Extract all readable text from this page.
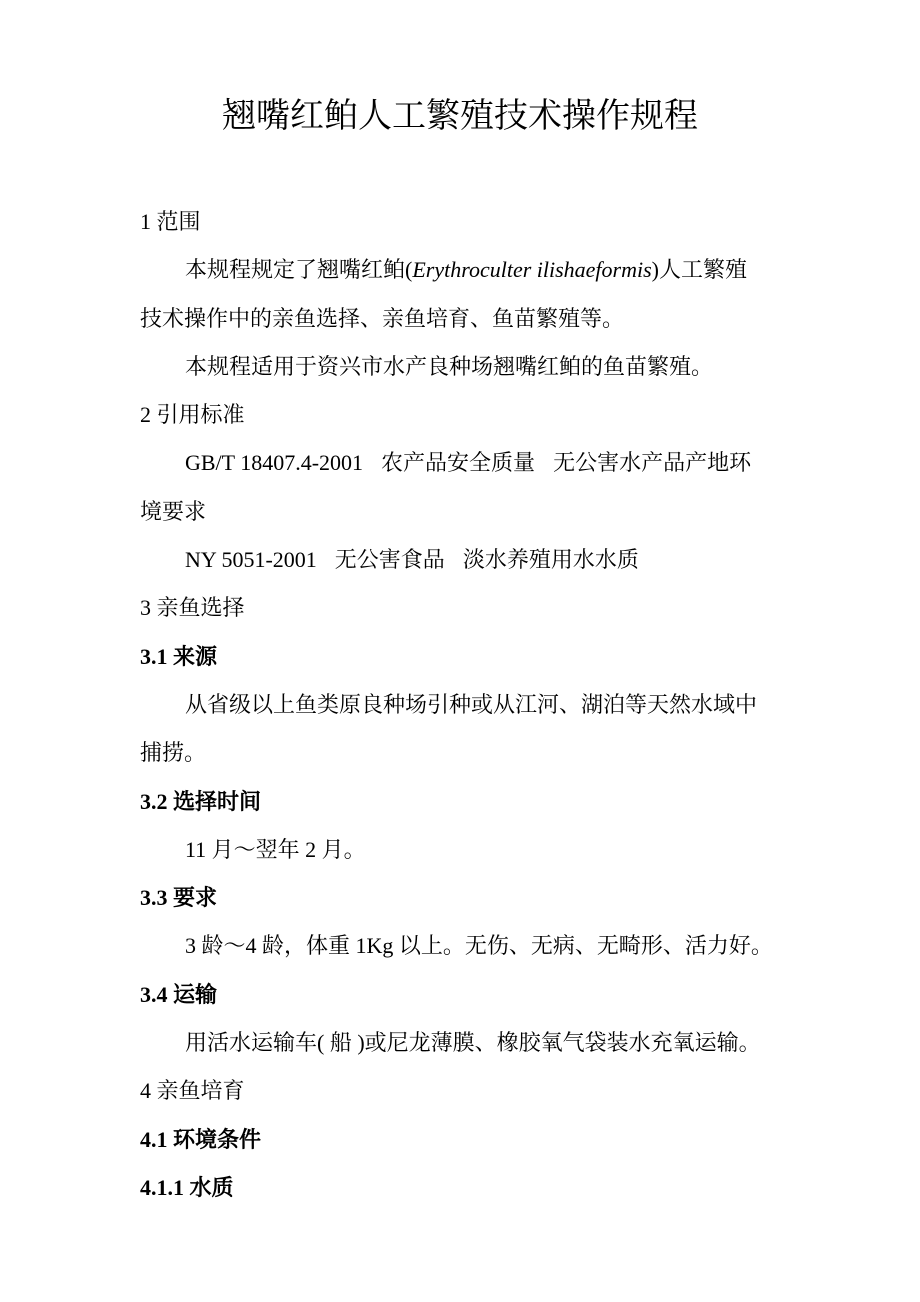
翘嘴红鲌人工繁殖技术操作规程
1 范围
本规程规定了翘嘴红鲌(Erythroculter ilishaeformis)人工繁殖
技术操作中的亲鱼选择、亲鱼培育、鱼苗繁殖等。
本规程适用于资兴市水产良种场翘嘴红鲌的鱼苗繁殖。
2 引用标准
GB/T 18407.4-2001 农产品安全质量 无公害水产品产地环
境要求
NY 5051-2001 无公害食品 淡水养殖用水水质
3 亲鱼选择
3.1 来源
从省级以上鱼类原良种场引种或从江河、湖泊等天然水域中
捕捞。
3.2 选择时间
11 月～翌年 2 月。
3.3 要求
3 龄～4 龄，体重 1Kg 以上。无伤、无病、无畸形、活力好。
3.4 运输
用活水运输车( 船 )或尼龙薄膜、橡胶氧气袋装水充氧运输。
4 亲鱼培育
4.1 环境条件
4.1.1 水质
